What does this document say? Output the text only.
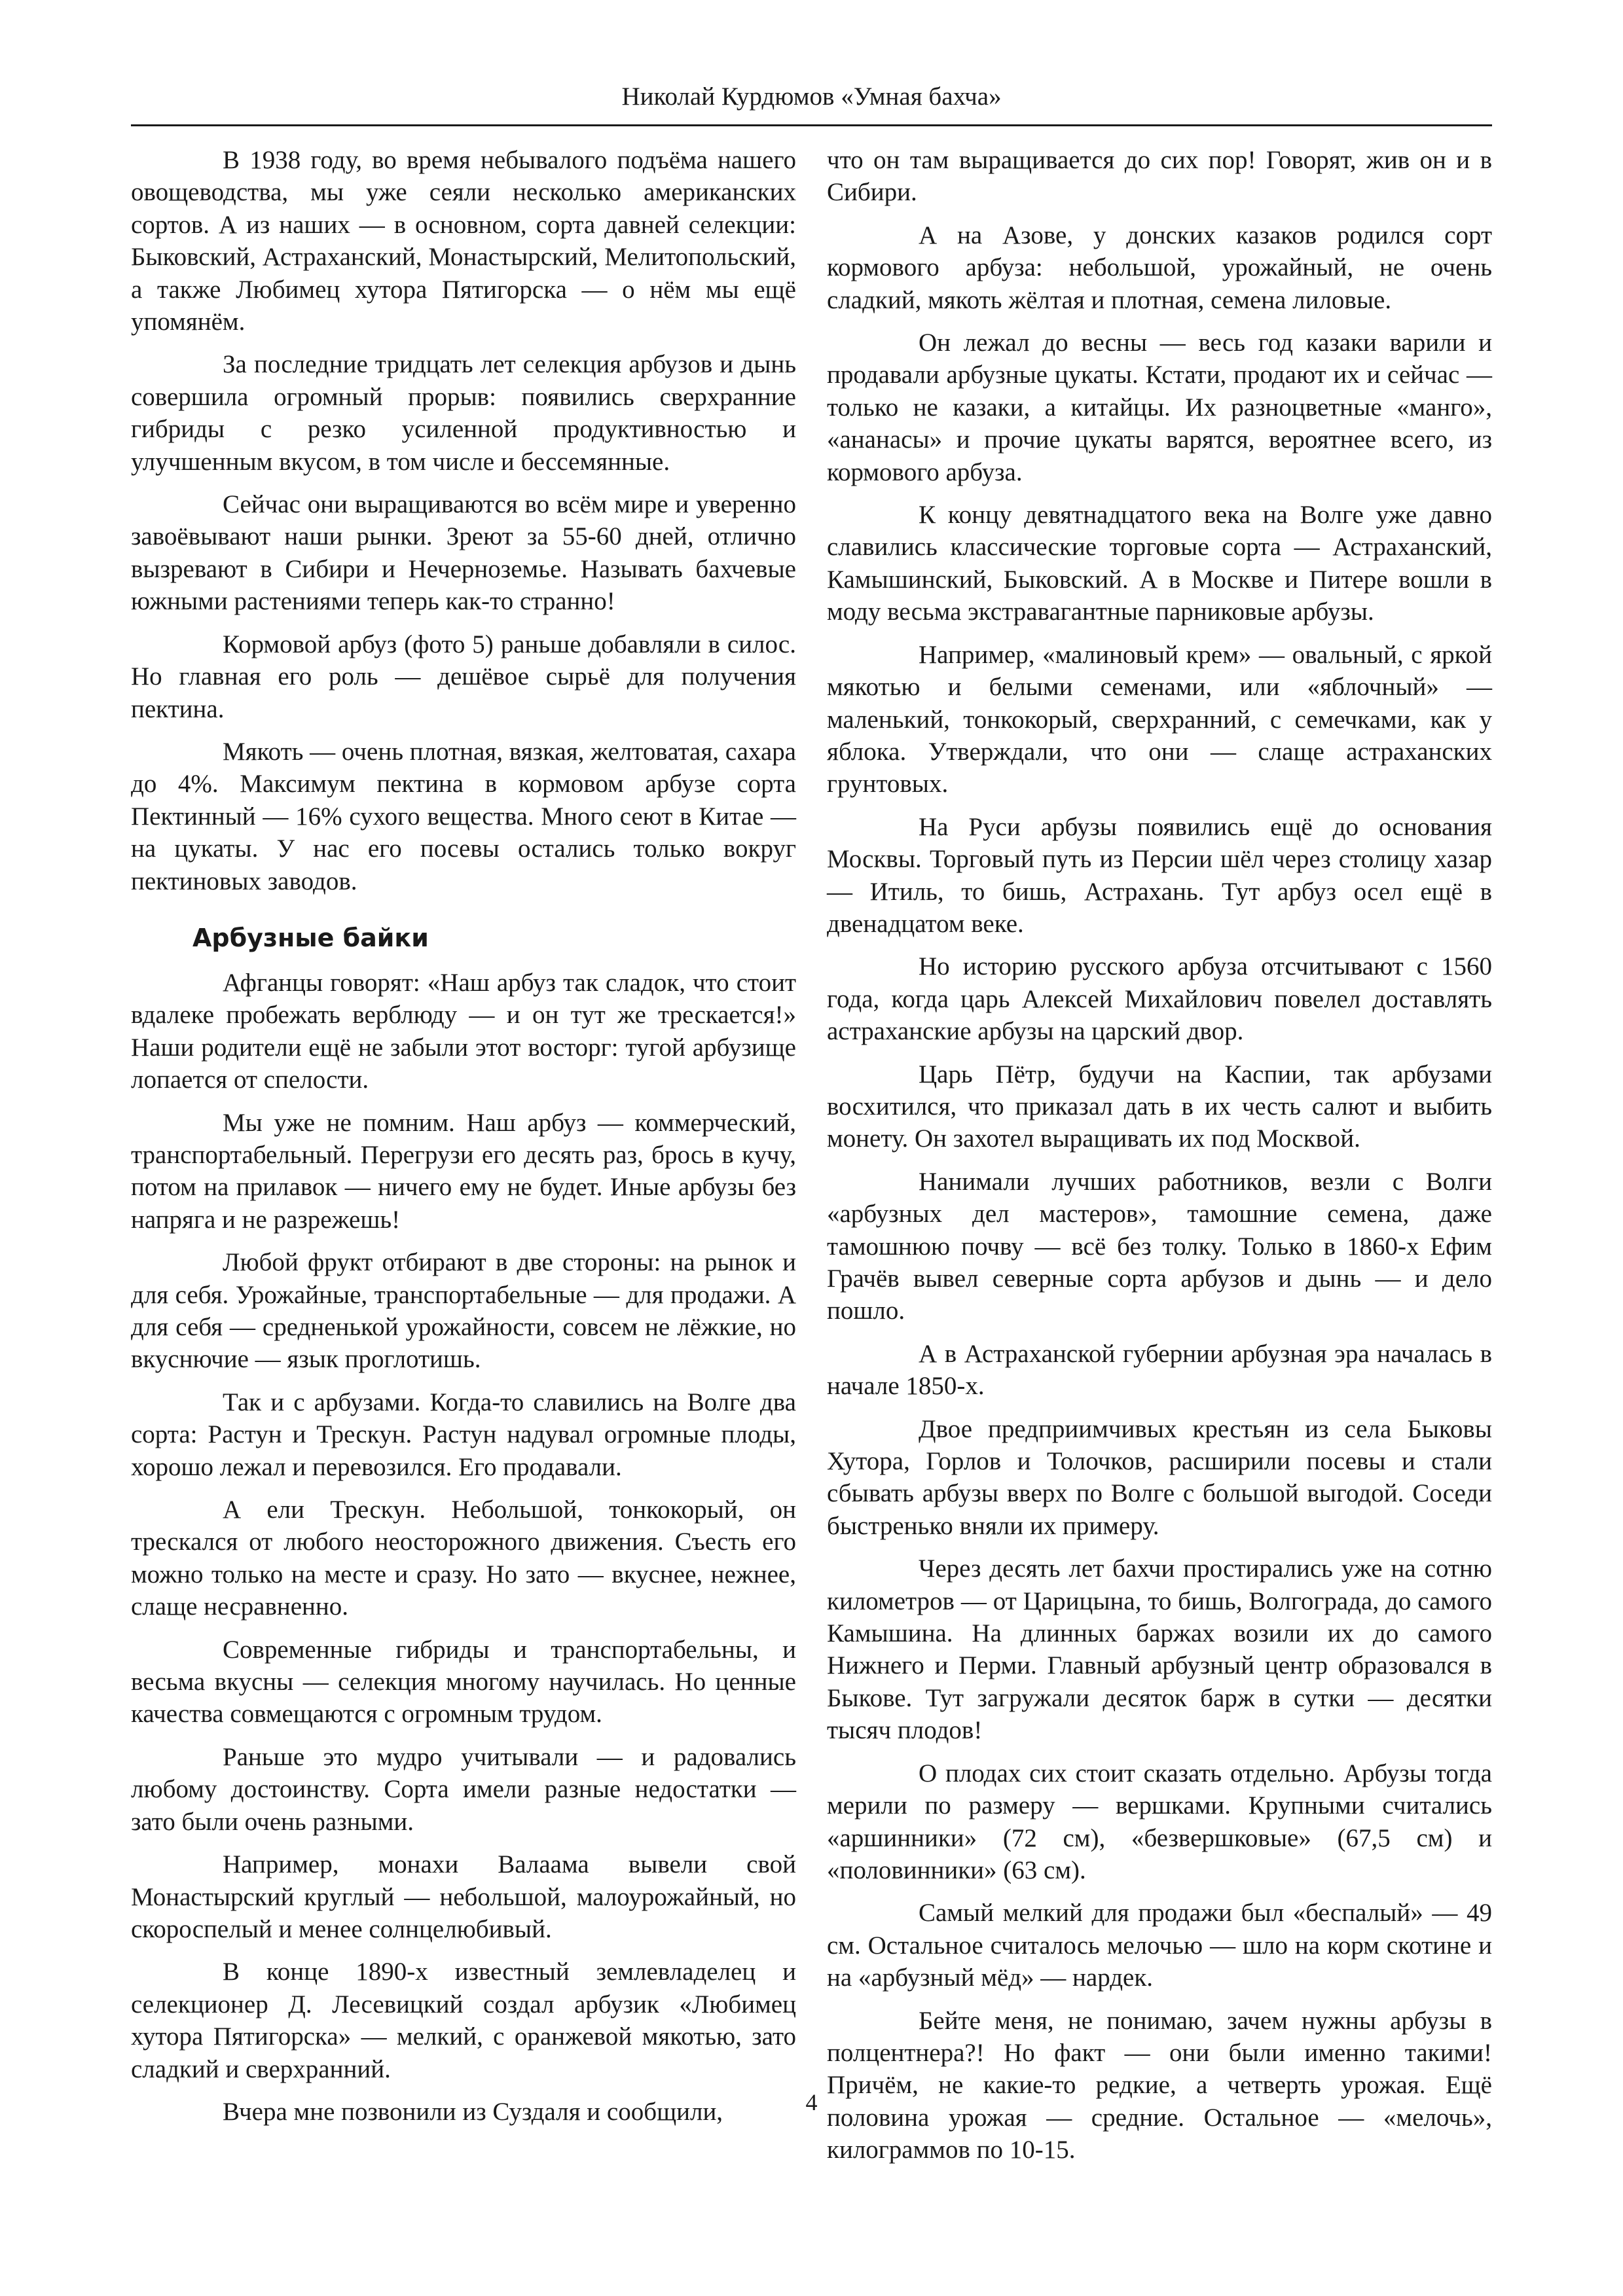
Николай Курдюмов «Умная бахча»

В 1938 году, во время небывалого подъёма нашего овощеводства, мы уже сеяли несколько американских сортов. А из наших — в основном, сорта давней селекции: Быковский, Астраханский, Монастырский, Мелитопольский, а также Любимец хутора Пятигорска — о нём мы ещё упомянём.

За последние тридцать лет селекция арбузов и дынь совершила огромный прорыв: появились сверхранние гибриды с резко усиленной продуктивностью и улучшенным вкусом, в том числе и бессемянные.

Сейчас они выращиваются во всём мире и уверенно завоёвывают наши рынки. Зреют за 55-60 дней, отлично вызревают в Сибири и Нечерноземье. Называть бахчевые южными растениями теперь как-то странно!

Кормовой арбуз (фото 5) раньше добавляли в силос. Но главная его роль — дешёвое сырьё для получения пектина.

Мякоть — очень плотная, вязкая, желтоватая, сахара до 4%. Максимум пектина в кормовом арбузе сорта Пектинный — 16% сухого вещества. Много сеют в Китае — на цукаты. У нас его посевы остались только вокруг пектиновых заводов.

Арбузные байки

Афганцы говорят: «Наш арбуз так сладок, что стоит вдалеке пробежать верблюду — и он тут же трескается!» Наши родители ещё не забыли этот восторг: тугой арбузище лопается от спелости.

Мы уже не помним. Наш арбуз — коммерческий, транспортабельный. Перегрузи его десять раз, брось в кучу, потом на прилавок — ничего ему не будет. Иные арбузы без напряга и не разрежешь!

Любой фрукт отбирают в две стороны: на рынок и для себя. Урожайные, транспортабельные — для продажи. А для себя — средненькой урожайности, совсем не лёжкие, но вкуснючие — язык проглотишь.

Так и с арбузами. Когда-то славились на Волге два сорта: Растун и Трескун. Растун надувал огромные плоды, хорошо лежал и перевозился. Его продавали.

А ели Трескун. Небольшой, тонкокорый, он трескался от любого неосторожного движения. Съесть его можно только на месте и сразу. Но зато — вкуснее, нежнее, слаще несравненно.

Современные гибриды и транспортабельны, и весьма вкусны — селекция многому научилась. Но ценные качества совмещаются с огромным трудом.

Раньше это мудро учитывали — и радовались любому достоинству. Сорта имели разные недостатки — зато были очень разными.

Например, монахи Валаама вывели свой Монастырский круглый — небольшой, малоурожайный, но скороспелый и менее солнцелюбивый.

В конце 1890-х известный землевладелец и селекционер Д. Лесевицкий создал арбузик «Любимец хутора Пятигорска» — мелкий, с оранжевой мякотью, зато сладкий и сверхранний.

Вчера мне позвонили из Суздаля и сообщили,

что он там выращивается до сих пор! Говорят, жив он и в Сибири.

А на Азове, у донских казаков родился сорт кормового арбуза: небольшой, урожайный, не очень сладкий, мякоть жёлтая и плотная, семена лиловые.

Он лежал до весны — весь год казаки варили и продавали арбузные цукаты. Кстати, продают их и сейчас — только не казаки, а китайцы. Их разноцветные «манго», «ананасы» и прочие цукаты варятся, вероятнее всего, из кормового арбуза.

К концу девятнадцатого века на Волге уже давно славились классические торговые сорта — Астраханский, Камышинский, Быковский. А в Москве и Питере вошли в моду весьма экстравагантные парниковые арбузы.

Например, «малиновый крем» — овальный, с яркой мякотью и белыми семенами, или «яблочный» — маленький, тонкокорый, сверхранний, с семечками, как у яблока. Утверждали, что они — слаще астраханских грунтовых.

На Руси арбузы появились ещё до основания Москвы. Торговый путь из Персии шёл через столицу хазар — Итиль, то бишь, Астрахань. Тут арбуз осел ещё в двенадцатом веке.

Но историю русского арбуза отсчитывают с 1560 года, когда царь Алексей Михайлович повелел доставлять астраханские арбузы на царский двор.

Царь Пётр, будучи на Каспии, так арбузами восхитился, что приказал дать в их честь салют и выбить монету. Он захотел выращивать их под Москвой.

Нанимали лучших работников, везли с Волги «арбузных дел мастеров», тамошние семена, даже тамошнюю почву — всё без толку. Только в 1860-х Ефим Грачёв вывел северные сорта арбузов и дынь — и дело пошло.

А в Астраханской губернии арбузная эра началась в начале 1850-х.

Двое предприимчивых крестьян из села Быковы Хутора, Горлов и Толочков, расширили посевы и стали сбывать арбузы вверх по Волге с большой выгодой. Соседи быстренько вняли их примеру.

Через десять лет бахчи простирались уже на сотню километров — от Царицына, то бишь, Волгограда, до самого Камышина. На длинных баржах возили их до самого Нижнего и Перми. Главный арбузный центр образовался в Быкове. Тут загружали десяток барж в сутки — десятки тысяч плодов!

О плодах сих стоит сказать отдельно. Арбузы тогда мерили по размеру — вершками. Крупными считались «аршинники» (72 см), «безвершковые» (67,5 см) и «половинники» (63 см).

Самый мелкий для продажи был «беспалый» — 49 см. Остальное считалось мелочью — шло на корм скотине и на «арбузный мёд» — нардек.

Бейте меня, не понимаю, зачем нужны арбузы в полцентнера?! Но факт — они были именно такими! Причём, не какие-то редкие, а четверть урожая. Ещё половина урожая — средние. Остальное — «мелочь», килограммов по 10-15.

4
